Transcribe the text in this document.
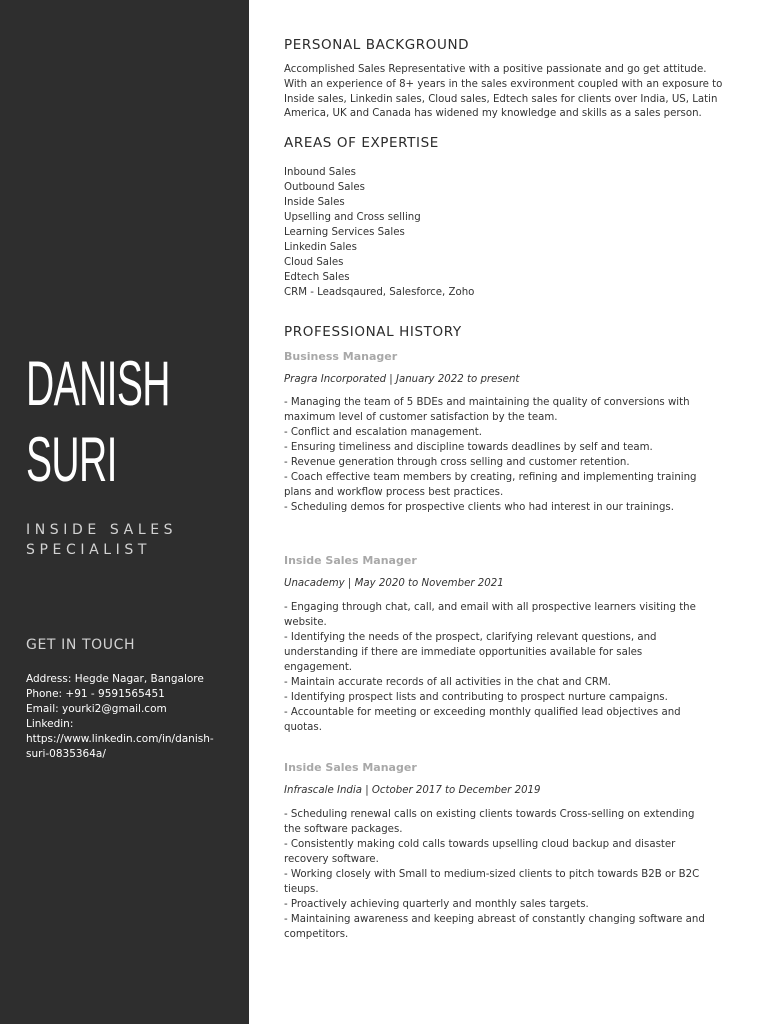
DANISH
SURI
INSIDE SALES
SPECIALIST
GET IN TOUCH
Address: Hegde Nagar, Bangalore
Phone: +91 - 9591565451
Email: yourki2@gmail.com
Linkedin:
https://www.linkedin.com/in/danish-
suri-0835364a/
PERSONAL BACKGROUND

Accomplished Sales Representative with a positive passionate and go get attitude. With an experience of 8+ years in the sales exvironment coupled with an exposure to Inside sales, Linkedin sales, Cloud sales, Edtech sales for clients over India, US, Latin America, UK and Canada has widened my knowledge and skills as a sales person.

AREAS OF EXPERTISE
Inbound Sales
Outbound Sales
Inside Sales
Upselling and Cross selling
Learning Services Sales
Linkedin Sales
Cloud Sales
Edtech Sales
CRM - Leadsqaured, Salesforce, Zoho
PROFESSIONAL HISTORY
Business Manager
Pragra Incorporated | January 2022 to present
- Managing the team of 5 BDEs and maintaining the quality of conversions with maximum level of customer satisfaction by the team.
- Conflict and escalation management.
- Ensuring timeliness and discipline towards deadlines by self and team.
- Revenue generation through cross selling and customer retention.
- Coach effective team members by creating, refining and implementing training plans and workflow process best practices.
- Scheduling demos for prospective clients who had interest in our trainings.
Inside Sales Manager
Unacademy | May 2020 to November 2021
- Engaging through chat, call, and email with all prospective learners visiting the website.
- Identifying the needs of the prospect, clarifying relevant questions, and understanding if there are immediate opportunities available for sales engagement.
- Maintain accurate records of all activities in the chat and CRM.
- Identifying prospect lists and contributing to prospect nurture campaigns.
- Accountable for meeting or exceeding monthly qualified lead objectives and quotas.
Inside Sales Manager
Infrascale India | October 2017 to December 2019
- Scheduling renewal calls on existing clients towards Cross-selling on extending the software packages.
- Consistently making cold calls towards upselling cloud backup and disaster recovery software.
- Working closely with Small to medium-sized clients to pitch towards B2B or B2C tieups.
- Proactively achieving quarterly and monthly sales targets.
- Maintaining awareness and keeping abreast of constantly changing software and competitors.
